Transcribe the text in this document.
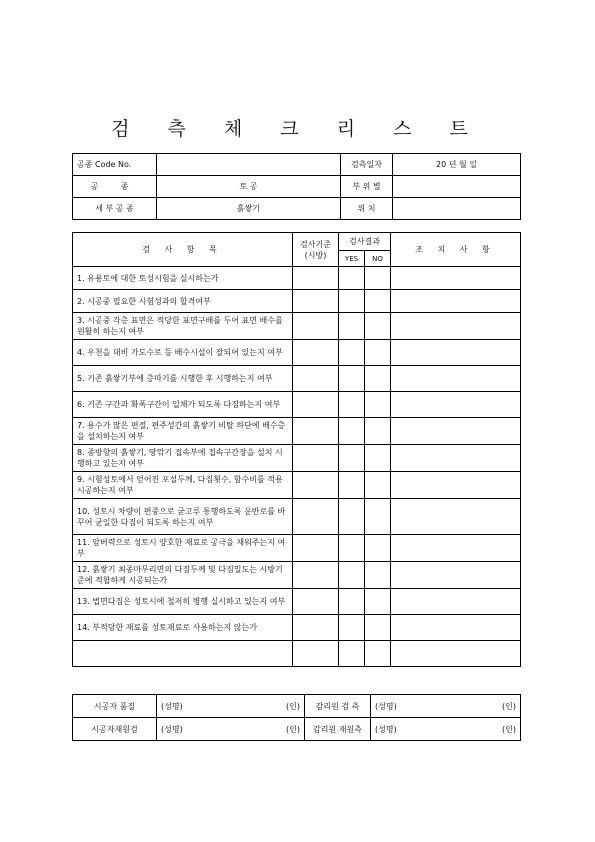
검 측 체 크 리 스 트
공종 Code No.		검측일자	20 년 월 일
공 종	토 공	부 위 별	
세 부 공 종	흙쌓기	위 치	
검 사 항 목	검사기준 (시방)	검사결과		조 치 사 항
		YES	NO	
1. 유용토에 대한 토성시험을 실시하는가				
2. 시공중 필요한 시험성과의 합격여부				
3. 시공중 각층 표면은 적당한 표면구배를 두어 표면 배수를 원활히 하는지 여부				
4. 우천을 대비 가도수로 등 배수시설이 잘되어 있는지 여부				
5. 기존 흙쌓기부에 층따기를 시행한 후 시행하는지 여부				
6. 기존 구간과 확폭구간이 일체가 되도록 다짐하는지 여부				
7. 용수가 많은 편절, 편주성간의 흙쌓기 비탈 하단에 배수층을 설치하는지 여부				
8. 종방향의 흙쌓기, 땅깎기 접속부에 접속구간장을 설치 시행하고 있는지 여부				
9. 시험성토에서 얻어진 포설두께, 다짐횟수, 함수비를 적용 시공하는지 여부				
10. 성토시 차량이 편중으로 굳고루 통행하도록 운반로를 바꾸어 균일한 다짐이 되도록 하는지 여부				
11. 암버력으로 성토시 양호한 재료로 공극을 채워주는지 여부				
12. 흙쌓기 최종마무리면의 다짐두께 및 다짐밀도는 시방기준에 적합하게 시공되는가				
13. 법면다짐은 성토시에 철저히 병행 실시하고 있는지 여부				
14. 부적당한 재료를 성토재료로 사용하는지 않는가				

시공자 품질	(성명) (인)	감리원 검 측	(성명) (인)

시공자재원검	(성명) (인)	감리원 재원측	(성명) (인)
